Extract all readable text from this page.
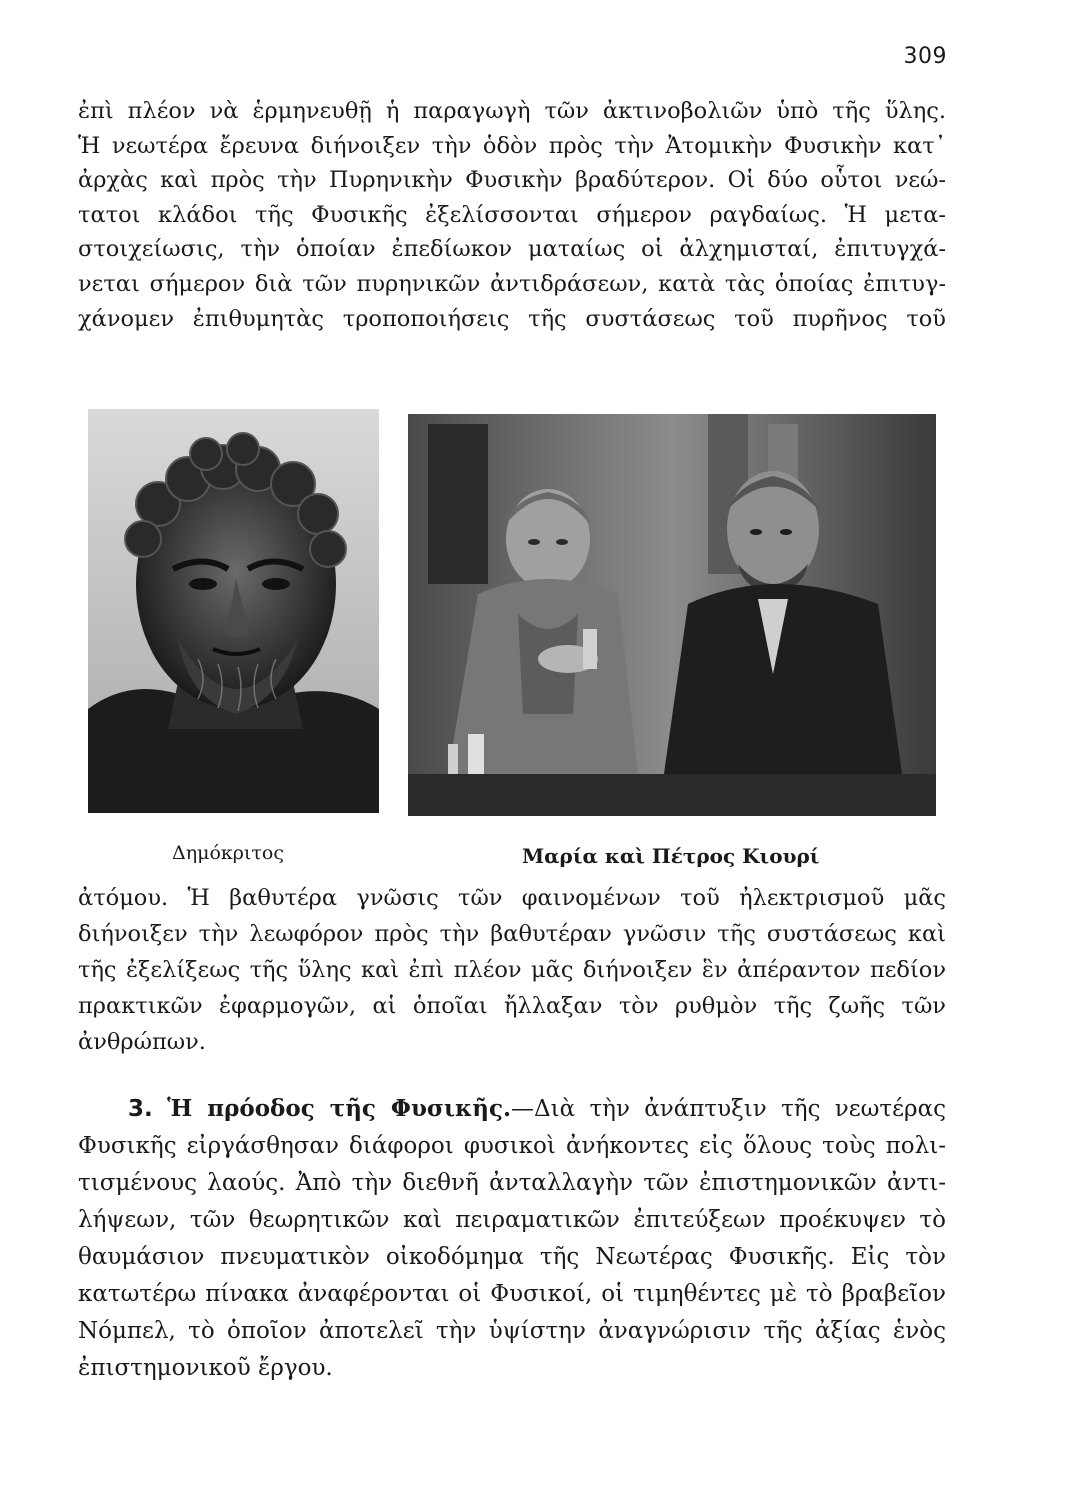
309
ἐπὶ πλέον νὰ ἑρμηνευθῇ ἡ παραγωγὴ τῶν ἀκτινοβολιῶν ὑπὸ τῆς ὕλης.
Ἡ νεωτέρα ἔρευνα διήνοιξεν τὴν ὁδὸν πρὸς τὴν Ἀτομικὴν Φυσικὴν κατ᾽
ἀρχὰς καὶ πρὸς τὴν Πυρηνικὴν Φυσικὴν βραδύτερον. Οἱ δύο οὗτοι νεώ-
τατοι κλάδοι τῆς Φυσικῆς ἐξελίσσονται σήμερον ραγδαίως. Ἡ μετα-
στοιχείωσις, τὴν ὁποίαν ἐπεδίωκον ματαίως οἱ ἀλχημισταί, ἐπιτυγχά-
νεται σήμερον διὰ τῶν πυρηνικῶν ἀντιδράσεων, κατὰ τὰς ὁποίας ἐπιτυγ-
χάνομεν ἐπιθυμητὰς τροποποιήσεις τῆς συστάσεως τοῦ πυρῆνος τοῦ
Δημόκριτος	Μαρία καὶ Πέτρος Κιουρί
ἀτόμου. Ἡ βαθυτέρα γνῶσις τῶν φαινομένων τοῦ ἠλεκτρισμοῦ μᾶς
διήνοιξεν τὴν λεωφόρον πρὸς τὴν βαθυτέραν γνῶσιν τῆς συστάσεως καὶ
τῆς ἐξελίξεως τῆς ὕλης καὶ ἐπὶ πλέον μᾶς διήνοιξεν ἓν ἀπέραντον πεδίον
πρακτικῶν ἐφαρμογῶν, αἱ ὁποῖαι ἤλλαξαν τὸν ρυθμὸν τῆς ζωῆς τῶν
ἀνθρώπων.
3. Ἡ πρόοδος τῆς Φυσικῆς.—Διὰ τὴν ἀνάπτυξιν τῆς νεωτέρας
Φυσικῆς εἰργάσθησαν διάφοροι φυσικοὶ ἀνήκοντες εἰς ὅλους τοὺς πολι-
τισμένους λαούς. Ἀπὸ τὴν διεθνῆ ἀνταλλαγὴν τῶν ἐπιστημονικῶν ἀντι-
λήψεων, τῶν θεωρητικῶν καὶ πειραματικῶν ἐπιτεύξεων προέκυψεν τὸ
θαυμάσιον πνευματικὸν οἰκοδόμημα τῆς Νεωτέρας Φυσικῆς. Εἰς τὸν
κατωτέρω πίνακα ἀναφέρονται οἱ Φυσικοί, οἱ τιμηθέντες μὲ τὸ βραβεῖον
Νόμπελ, τὸ ὁποῖον ἀποτελεῖ τὴν ὑψίστην ἀναγνώρισιν τῆς ἀξίας ἑνὸς
ἐπιστημονικοῦ ἔργου.
